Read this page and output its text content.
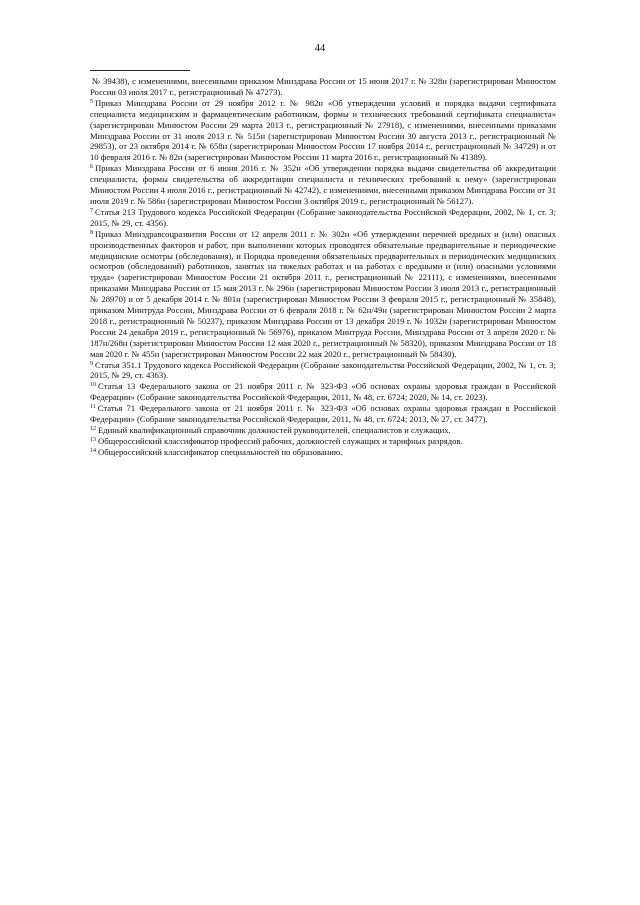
44

№ 39438), с изменениями, внесенными приказом Минздрава России от 15 июня 2017 г. № 328н (зарегистрирован Минюстом России 03 июля 2017 г., регистрационный № 47273).

$^5$ Приказ Минздрава России от 29 ноября 2012 г. № 982н «Об утверждении условий и порядка выдачи сертификата специалиста медицинским и фармацевтическим работникам, формы и технических требований сертификата специалиста» (зарегистрирован Минюстом России 29 марта 2013 г., регистрационный № 27918), с изменениями, внесенными приказами Минздрава России от 31 июля 2013 г. № 515н (зарегистрирован Минюстом России 30 августа 2013 г., регистрационный № 29853), от 23 октября 2014 г. № 658н (зарегистрирован Минюстом России 17 ноября 2014 г., регистрационный № 34729) и от 10 февраля 2016 г. № 82н (зарегистрирован Минюстом России 11 марта 2016 г., регистрационный № 41389).

$^6$ Приказ Минздрава России от 6 июня 2016 г. № 352н «Об утверждении порядка выдачи свидетельства об аккредитации специалиста, формы свидетельства об аккредитации специалиста и технических требований к нему» (зарегистрирован Минюстом России 4 июля 2016 г., регистрационный № 42742), с изменениями, внесенными приказом Минздрава России от 31 июля 2019 г. № 586н (зарегистрирован Минюстом России 3 октября 2019 г., регистрационный № 56127).

$^7$ Статья 213 Трудового кодекса Российской Федерации (Собрание законодательства Российской Федерации, 2002, № 1, ст. 3; 2015, № 29, ст. 4356).

$^8$ Приказ Минздравсоцразвития России от 12 апреля 2011 г. № 302н «Об утверждении перечней вредных и (или) опасных производственных факторов и работ, при выполнении которых проводятся обязательные предварительные и периодические медицинские осмотры (обследования), и Порядка проведения обязательных предварительных и периодических медицинских осмотров (обследований) работников, занятых на тяжелых работах и на работах с вредными и (или) опасными условиями труда» (зарегистрирован Минюстом России 21 октября 2011 г., регистрационный № 22111), с изменениями, внесенными приказами Минздрава России от 15 мая 2013 г. № 296н (зарегистрирован Минюстом России 3 июля 2013 г., регистрационный № 28970) и от 5 декабря 2014 г. № 801н (зарегистрирован Минюстом России 3 февраля 2015 г., регистрационный № 35848), приказом Минтруда России, Минздрава России от 6 февраля 2018 г. № 62н/49н (зарегистрирован Минюстом России 2 марта 2018 г., регистрационный № 50237), приказом Минздрава России от 13 декабря 2019 г. № 1032н (зарегистрирован Минюстом России 24 декабря 2019 г., регистрационный № 56976), приказом Минтруда России, Минздрава России от 3 апреля 2020 г. № 187н/268н (зарегистрирован Минюстом России 12 мая 2020 г., регистрационный № 58320), приказом Минздрава России от 18 мая 2020 г. № 455н (зарегистрирован Минюстом России 22 мая 2020 г., регистрационный № 58430).

$^9$ Статья 351.1 Трудового кодекса Российской Федерации (Собрание законодательства Российской Федерации, 2002, № 1, ст. 3; 2015, № 29, ст. 4363).

$^{10}$ Статья 13 Федерального закона от 21 ноября 2011 г. № 323-ФЗ «Об основах охраны здоровья граждан в Российской Федерации» (Собрание законодательства Российской Федерации, 2011, № 48, ст. 6724; 2020, № 14, ст. 2023).

$^{11}$ Статья 71 Федерального закона от 21 ноября 2011 г. № 323-ФЗ «Об основах охраны здоровья граждан в Российской Федерации» (Собрание законодательства Российской Федерации, 2011, № 48, ст. 6724; 2013, № 27, ст. 3477).

$^{12}$ Единый квалификационный справочник должностей руководителей, специалистов и служащих.

$^{13}$ Общероссийский классификатор профессий рабочих, должностей служащих и тарифных разрядов.

$^{14}$ Общероссийский классификатор специальностей по образованию.
